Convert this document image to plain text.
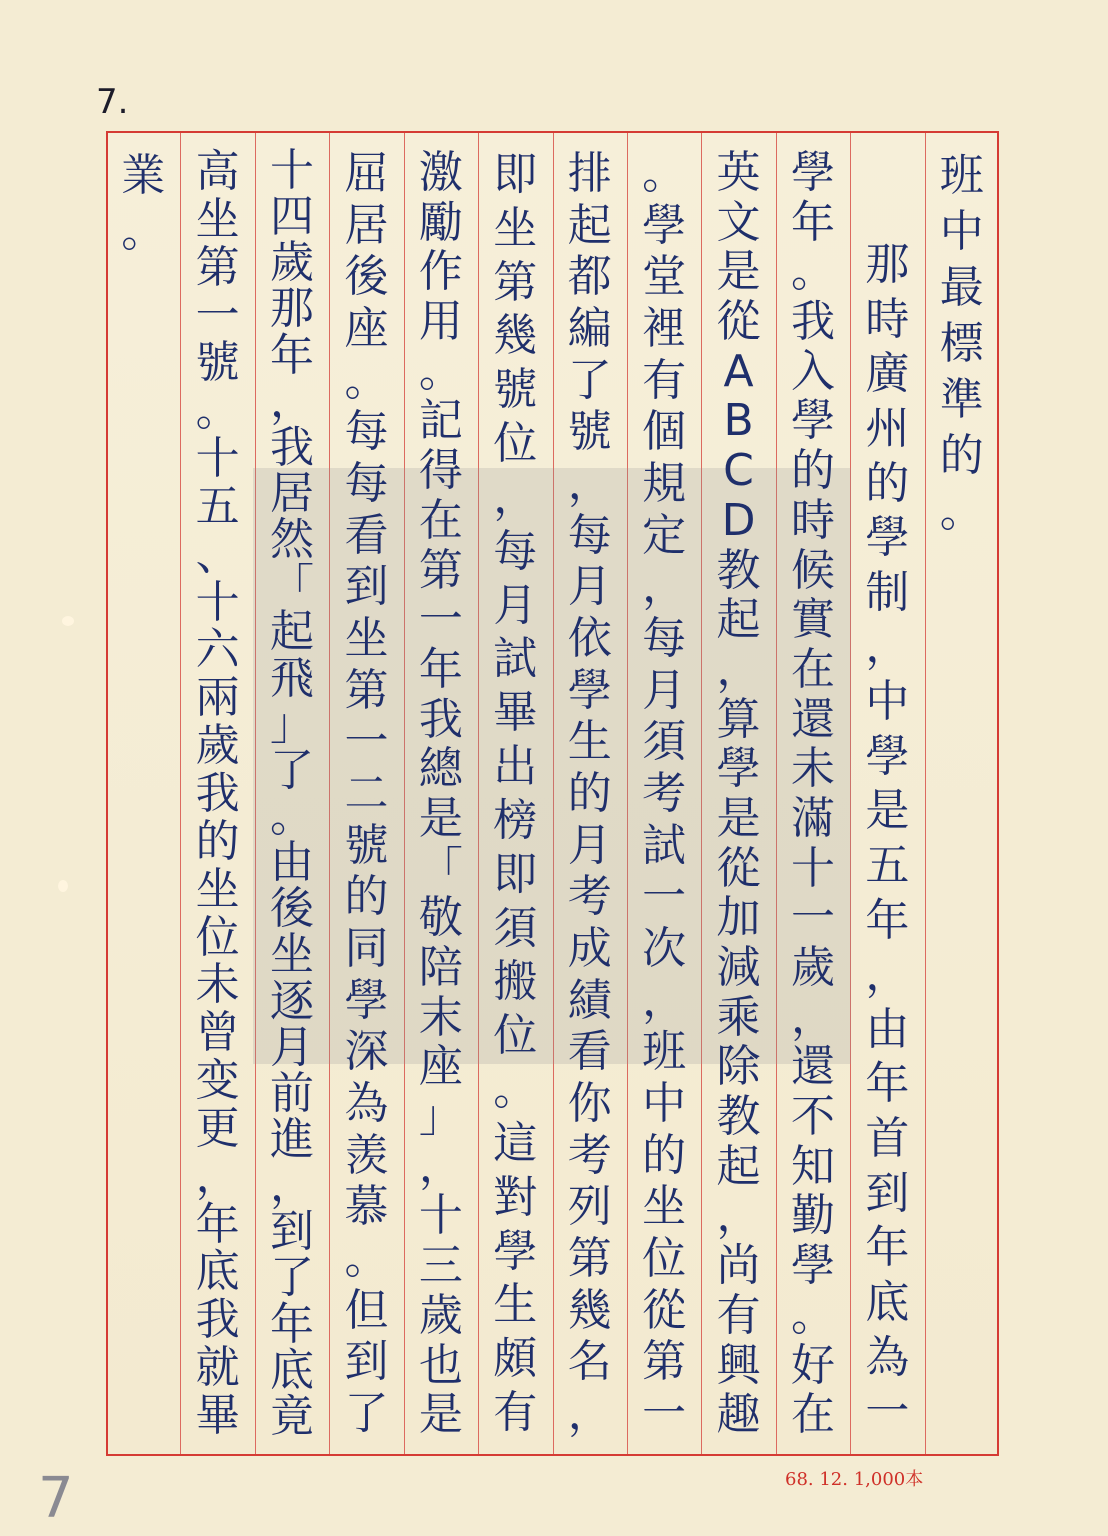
7.
班
中
最
標
準
的
。
那
時
廣
州
的
學
制
，
中
學
是
五
年
，
由
年
首
到
年
底
為
一
學
年
。
我
入
學
的
時
候
實
在
還
未
滿
十
一
歲
，
還
不
知
勤
學
。
好
在
英
文
是
從
A
B
C
D
教
起
，
算
學
是
從
加
減
乘
除
教
起
，
尚
有
興
趣
。
學
堂
裡
有
個
規
定
，
每
月
須
考
試
一
次
，
班
中
的
坐
位
從
第
一
排
起
都
編
了
號
，
每
月
依
學
生
的
月
考
成
績
看
你
考
列
第
幾
名
，
即
坐
第
幾
號
位
，
每
月
試
畢
出
榜
即
須
搬
位
。
這
對
學
生
頗
有
激
勵
作
用
。
記
得
在
第
一
年
我
總
是
「
敬
陪
末
座
」
，
十
三
歲
也
是
屈
居
後
座
。
每
每
看
到
坐
第
一
二
號
的
同
學
深
為
羡
慕
。
但
到
了
十
四
歲
那
年
，
我
居
然
「
起
飛
」
了
。
由
後
坐
逐
月
前
進
，
到
了
年
底
竟
高
坐
第
一
號
。
十
五
、
十
六
兩
歲
我
的
坐
位
未
曾
变
更
，
年
底
我
就
畢
業
。
68. 12. 1,000本
7
